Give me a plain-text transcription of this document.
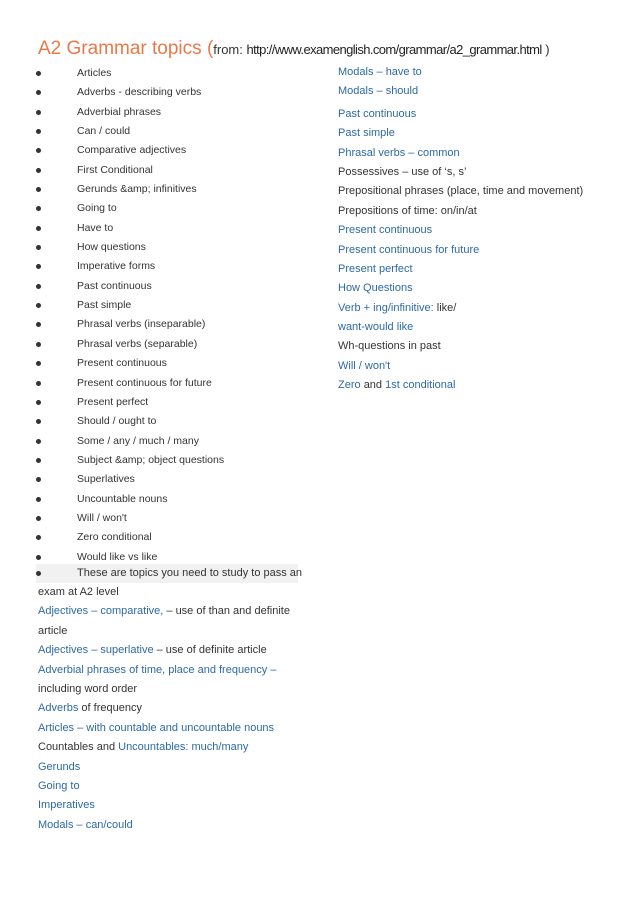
A2 Grammar topics (from: http://www.examenglish.com/grammar/a2_grammar.html )
Articles
Adverbs - describing verbs
Adverbial phrases
Can / could
Comparative adjectives
First Conditional
Gerunds &amp; infinitives
Going to
Have to
How questions
Imperative forms
Past continuous
Past simple
Phrasal verbs (inseparable)
Phrasal verbs (separable)
Present continuous
Present continuous for future
Present perfect
Should / ought to
Some / any / much / many
Subject &amp; object questions
Superlatives
Uncountable nouns
Will / won't
Zero conditional
Would like vs like
These are topics you need to study to pass an
exam at A2 level
Adjectives – comparative, – use of than and definite
article
Adjectives – superlative – use of definite article
Adverbial phrases of time, place and frequency –
including word order
Adverbs of frequency
Articles – with countable and uncountable nouns
Countables and Uncountables: much/many
Gerunds
Going to
Imperatives
Modals – can/could
Modals – have to
Modals – should
Past continuous
Past simple
Phrasal verbs – common
Possessives – use of ‘s, s’
Prepositional phrases (place, time and movement)
Prepositions of time: on/in/at
Present continuous
Present continuous for future
Present perfect
How Questions
Verb + ing/infinitive: like/
want-would like
Wh-questions in past
Will / won't
Zero and 1st conditional
